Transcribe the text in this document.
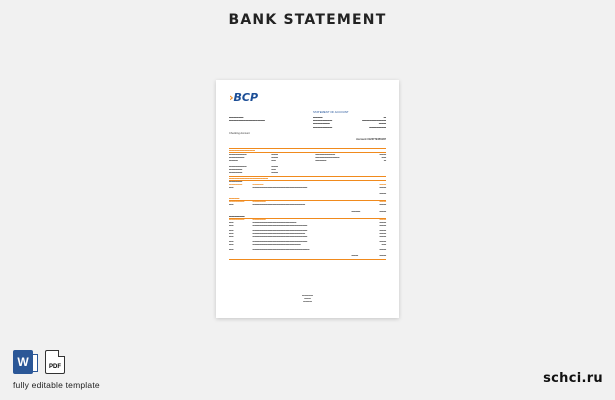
BANK STATEMENT
›BCP
STATEMENT OF ACCOUNT
▬▬▬▬▬▬
▬▬▬▬▬▬▬▬▬▬▬▬▬▬▬
▬▬▬▬
▬▬▬▬▬▬▬▬
▬▬▬▬▬▬▬
▬▬▬▬▬▬▬▬
▬
▬▬▬▬▬▬▬▬▬▬
▬▬▬
▬▬▬▬▬▬▬
Checking Account
Account #123779456187
▬▬▬▬▬▬▬▬▬▬
▬▬▬▬▬▬▬▬	▬▬▬	▬▬▬▬▬▬▬▬▬	▬▬▬
▬▬▬▬▬▬▬	▬▬▬	▬▬▬▬▬▬▬▬▬▬▬	▬▬
▬▬▬▬	▬▬	▬▬▬▬▬	▬
▬▬▬▬▬▬▬▬	▬▬▬
▬▬▬▬▬▬	▬▬
▬▬▬▬▬▬	▬▬▬
▬▬▬▬▬▬▬▬▬▬▬▬▬▬▬
▬▬▬▬▬▬
▬▬▬▬▬▬	▬▬▬▬▬	▬▬▬
▬▬	▬▬▬▬▬▬▬▬▬▬▬▬▬▬▬▬▬▬▬▬▬▬▬▬▬	▬▬▬
▬▬▬
▬▬▬▬
▬▬▬▬▬▬▬	▬▬▬▬▬▬	▬▬▬
▬▬	▬▬▬▬▬▬▬▬▬▬▬▬▬▬▬▬▬▬▬▬▬▬▬▬	▬▬▬
▬▬▬▬	▬▬▬
▬▬▬▬▬▬
▬▬▬▬▬▬▬	▬▬▬▬▬▬	▬▬▬
▬▬	▬▬▬▬▬▬▬▬▬▬▬▬▬▬▬▬▬▬▬▬	▬▬▬
▬▬	▬▬▬▬▬▬▬▬▬▬▬▬▬▬▬▬▬▬▬▬▬▬▬▬▬	▬▬▬
▬▬	▬▬▬▬▬▬▬▬▬▬▬▬▬▬▬▬▬▬▬▬▬▬▬▬▬	▬▬▬
▬▬	▬▬▬▬▬▬▬▬▬▬▬▬▬▬▬▬▬▬▬▬▬▬▬▬	▬▬▬
▬▬	▬▬▬▬▬▬▬▬▬▬▬▬▬▬▬▬▬▬▬▬▬▬▬▬▬	▬▬▬
▬▬	▬▬▬▬▬▬▬▬▬▬▬▬▬▬▬▬▬▬▬▬▬▬▬▬▬	▬▬▬
▬▬	▬▬▬▬▬▬▬▬▬▬▬▬▬▬▬▬▬▬▬▬▬▬	▬▬
▬▬	▬▬▬▬▬▬▬▬▬▬▬▬▬▬▬▬▬▬▬▬▬▬▬▬▬▬	▬▬▬
▬▬▬	▬▬▬
▬▬▬▬▬
▬▬▬
▬▬▬▬
W	PDF
fully editable template	schci.ru
